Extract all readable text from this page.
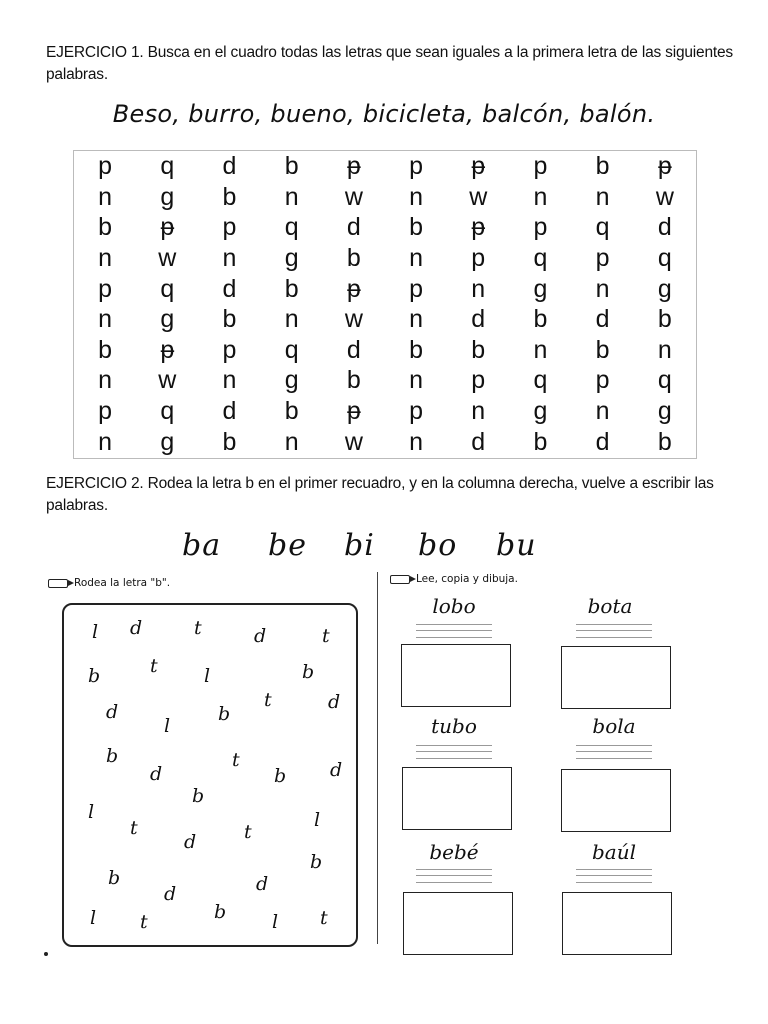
EJERCICIO 1. Busca en el cuadro todas las letras que sean iguales a la primera letra de las siguientes palabras.
Beso, burro, bueno, bicicleta, balcón, balón.
p	q	d	b	ᵽ	p	ᵽ	p	b	ᵽ
n	g	b	n	w	n	w	n	n	w
b	ᵽ	p	q	d	b	ᵽ	p	q	d
n	w	n	g	b	n	p	q	p	q
p	q	d	b	ᵽ	p	n	g	n	g
n	g	b	n	w	n	d	b	d	b
b	ᵽ	p	q	d	b	b	n	b	n
n	w	n	g	b	n	p	q	p	q
p	q	d	b	ᵽ	p	n	g	n	g
n	g	b	n	w	n	d	b	d	b
EJERCICIO 2. Rodea la letra b en el primer recuadro, y en la columna derecha, vuelve a escribir las palabras.
ba be bi bo bu
Rodea la letra "b".
l d	t	d	t
b	t l	b
d
l
b
t	d
b
d
t
b d
b
l
t
d	t
l
b
d	d
b
l t	b l t
Lee, copia y dibuja.
lobo	bota
tubo	bola
bebé	baúl
